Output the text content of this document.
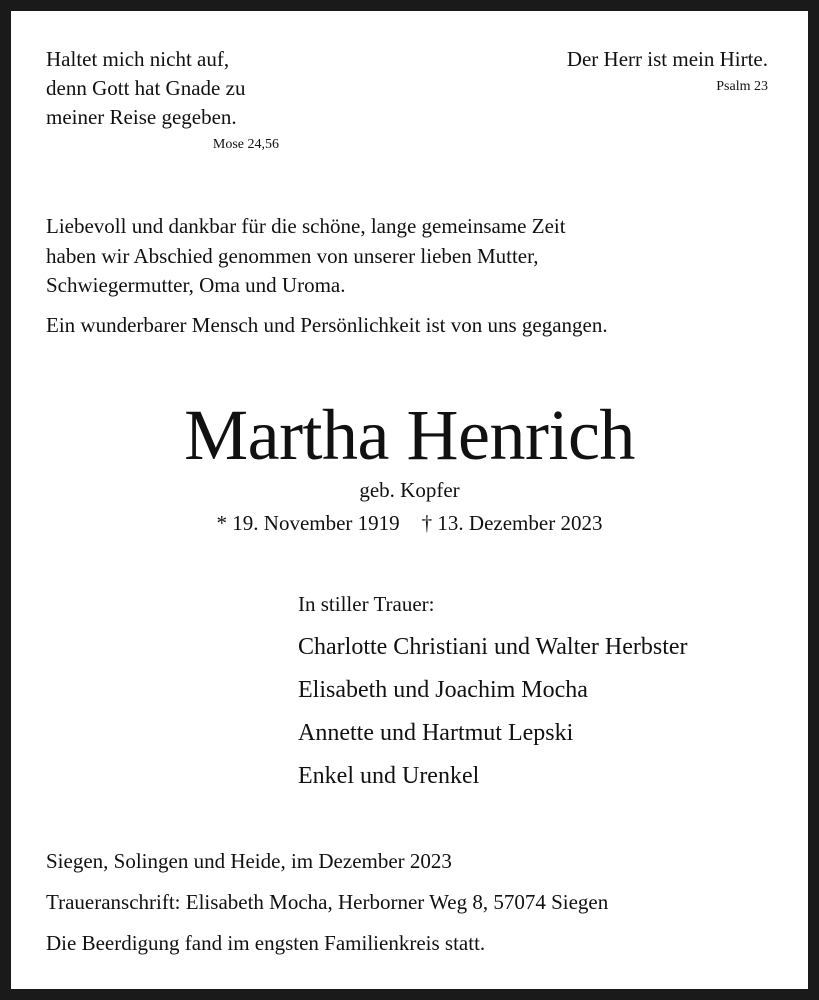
Haltet mich nicht auf,
denn Gott hat Gnade zu
meiner Reise gegeben.
Mose 24,56
Der Herr ist mein Hirte.
Psalm 23
Liebevoll und dankbar für die schöne, lange gemeinsame Zeit
haben wir Abschied genommen von unserer lieben Mutter,
Schwiegermutter, Oma und Uroma.
Ein wunderbarer Mensch und Persönlichkeit ist von uns gegangen.
Martha Henrich
geb. Kopfer
* 19. November 1919 † 13. Dezember 2023
In stiller Trauer:
Charlotte Christiani und Walter Herbster
Elisabeth und Joachim Mocha
Annette und Hartmut Lepski
Enkel und Urenkel
Siegen, Solingen und Heide, im Dezember 2023
Traueranschrift: Elisabeth Mocha, Herborner Weg 8, 57074 Siegen
Die Beerdigung fand im engsten Familienkreis statt.
